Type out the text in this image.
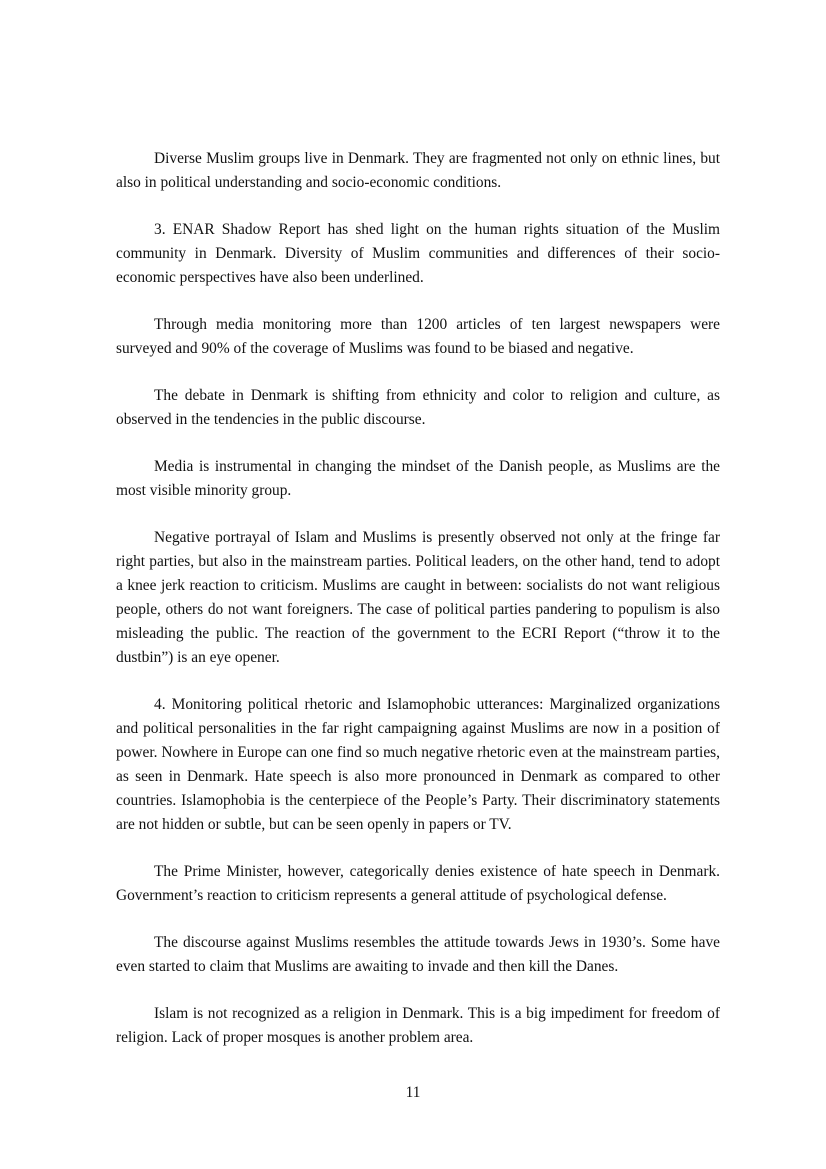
Diverse Muslim groups live in Denmark. They are fragmented not only on ethnic lines, but also in political understanding and socio-economic conditions.

3. ENAR Shadow Report has shed light on the human rights situation of the Muslim community in Denmark. Diversity of Muslim communities and differences of their socio-economic perspectives have also been underlined.

Through media monitoring more than 1200 articles of ten largest newspapers were surveyed and 90% of the coverage of Muslims was found to be biased and negative.

The debate in Denmark is shifting from ethnicity and color to religion and culture, as observed in the tendencies in the public discourse.

Media is instrumental in changing the mindset of the Danish people, as Muslims are the most visible minority group.

Negative portrayal of Islam and Muslims is presently observed not only at the fringe far right parties, but also in the mainstream parties. Political leaders, on the other hand, tend to adopt a knee jerk reaction to criticism. Muslims are caught in between: socialists do not want religious people, others do not want foreigners. The case of political parties pandering to populism is also misleading the public. The reaction of the government to the ECRI Report (“throw it to the dustbin”) is an eye opener.

4. Monitoring political rhetoric and Islamophobic utterances: Marginalized organizations and political personalities in the far right campaigning against Muslims are now in a position of power. Nowhere in Europe can one find so much negative rhetoric even at the mainstream parties, as seen in Denmark. Hate speech is also more pronounced in Denmark as compared to other countries. Islamophobia is the centerpiece of the People’s Party. Their discriminatory statements are not hidden or subtle, but can be seen openly in papers or TV.

The Prime Minister, however, categorically denies existence of hate speech in Denmark. Government’s reaction to criticism represents a general attitude of psychological defense.

The discourse against Muslims resembles the attitude towards Jews in 1930’s. Some have even started to claim that Muslims are awaiting to invade and then kill the Danes.

Islam is not recognized as a religion in Denmark. This is a big impediment for freedom of religion. Lack of proper mosques is another problem area.

11
